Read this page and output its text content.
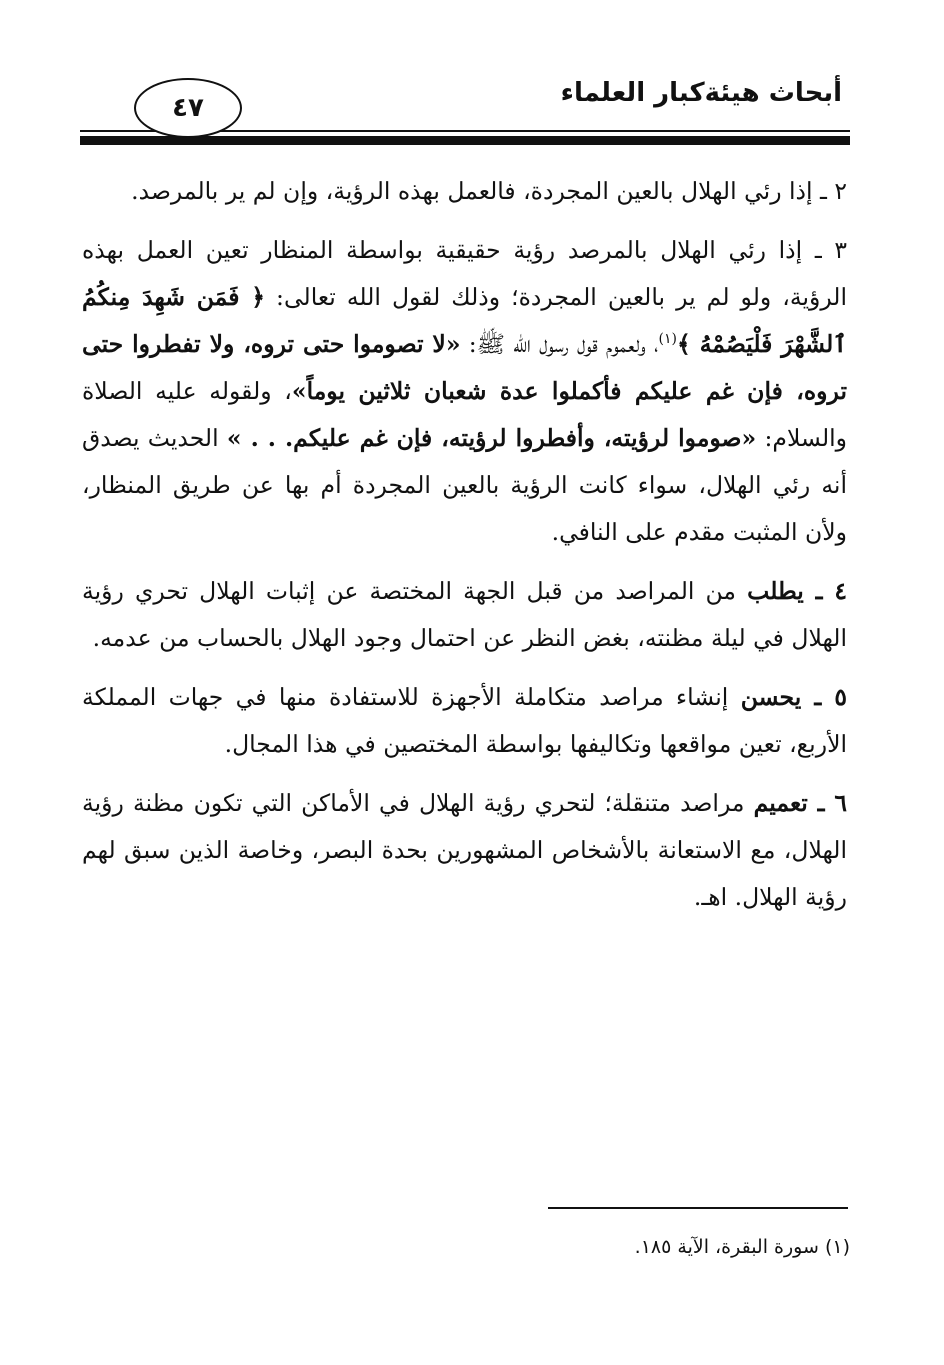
أبحاث هيئةكبار العلماء
٤٧

٢ ـ إذا رئي الهلال بالعين المجردة، فالعمل بهذه الرؤية، وإن لم ير بالمرصد.

٣ ـ إذا رئي الهلال بالمرصد رؤية حقيقية بواسطة المنظار تعين العمل بهذه الرؤية، ولو لم ير بالعين المجردة؛ وذلك لقول الله تعالى: ﴿ فَمَن شَهِدَ مِنكُمُ ٱلشَّهْرَ فَلْيَصُمْهُ ﴾$^{(١)}$، ولعموم قول رسول الله ﷺ: «لا تصوموا حتى تروه، ولا تفطروا حتى تروه، فإن غم عليكم فأكملوا عدة شعبان ثلاثين يوماً»، ولقوله عليه الصلاة والسلام: «صوموا لرؤيته، وأفطروا لرؤيته، فإن غم عليكم. . . » الحديث يصدق أنه رئي الهلال، سواء كانت الرؤية بالعين المجردة أم بها عن طريق المنظار، ولأن المثبت مقدم على النافي.

٤ ـ يطلب من المراصد من قبل الجهة المختصة عن إثبات الهلال تحري رؤية الهلال في ليلة مظنته، بغض النظر عن احتمال وجود الهلال بالحساب من عدمه.

٥ ـ يحسن إنشاء مراصد متكاملة الأجهزة للاستفادة منها في جهات المملكة الأربع، تعين مواقعها وتكاليفها بواسطة المختصين في هذا المجال.

٦ ـ تعميم مراصد متنقلة؛ لتحري رؤية الهلال في الأماكن التي تكون مظنة رؤية الهلال، مع الاستعانة بالأشخاص المشهورين بحدة البصر، وخاصة الذين سبق لهم رؤية الهلال. اهـ.

(١) سورة البقرة، الآية ١٨٥.
